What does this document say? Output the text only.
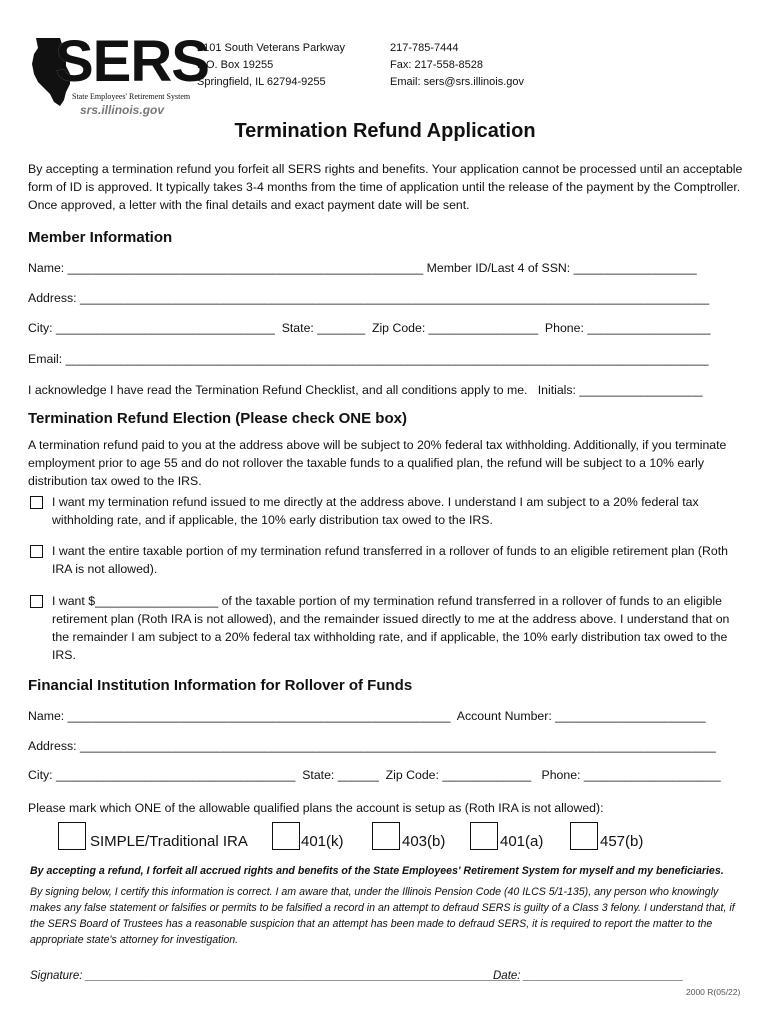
SERS
State Employees' Retirement System
srs.illinois.gov
2101 South Veterans Parkway
P.O. Box 19255
Springfield, IL 62794-9255
217-785-7444
Fax: 217-558-8528
Email: sers@srs.illinois.gov
Termination Refund Application
By accepting a termination refund you forfeit all SERS rights and benefits. Your application cannot be processed until an acceptable form of ID is approved. It typically takes 3-4 months from the time of application until the release of the payment by the Comptroller. Once approved, a letter with the final details and exact payment date will be sent.
Member Information
Name: ____________________________________________________ Member ID/Last 4 of SSN: __________________
Address: ____________________________________________________________________________________________
City: ________________________________  State: _______  Zip Code: ________________  Phone: __________________
Email: ______________________________________________________________________________________________
I acknowledge I have read the Termination Refund Checklist, and all conditions apply to me.   Initials: __________________
Termination Refund Election (Please check ONE box)
A termination refund paid to you at the address above will be subject to 20% federal tax withholding. Additionally, if you terminate employment prior to age 55 and do not rollover the taxable funds to a qualified plan, the refund will be subject to a 10% early distribution tax owed to the IRS.
I want my termination refund issued to me directly at the address above. I understand I am subject to a 20% federal tax withholding rate, and if applicable, the 10% early distribution tax owed to the IRS.
I want the entire taxable portion of my termination refund transferred in a rollover of funds to an eligible retirement plan (Roth IRA is not allowed).
I want $__________________ of the taxable portion of my termination refund transferred in a rollover of funds to an eligible retirement plan (Roth IRA is not allowed), and the remainder issued directly to me at the address above. I understand that on the remainder I am subject to a 20% federal tax withholding rate, and if applicable, the 10% early distribution tax owed to the IRS.
Financial Institution Information for Rollover of Funds
Name: ________________________________________________________  Account Number: ______________________
Address: _____________________________________________________________________________________________
City: ___________________________________  State: ______  Zip Code: _____________   Phone: ____________________
Please mark which ONE of the allowable qualified plans the account is setup as (Roth IRA is not allowed):
SIMPLE/Traditional IRA	401(k)	403(b)	401(a)	457(b)
By accepting a refund, I forfeit all accrued rights and benefits of the State Employees' Retirement System for myself and my beneficiaries.
By signing below, I certify this information is correct. I am aware that, under the Illinois Pension Code (40 ILCS 5/1-135), any person who knowingly makes any false statement or falsifies or permits to be falsified a record in an attempt to defraud SERS is guilty of a Class 3 felony. I understand that, if the SERS Board of Trustees has a reasonable suspicion that an attempt has been made to defraud SERS, it is required to report the matter to the appropriate state's attorney for investigation.
Signature: ____________________________________________________________________
Date: _________________________
2000 R(05/22)
